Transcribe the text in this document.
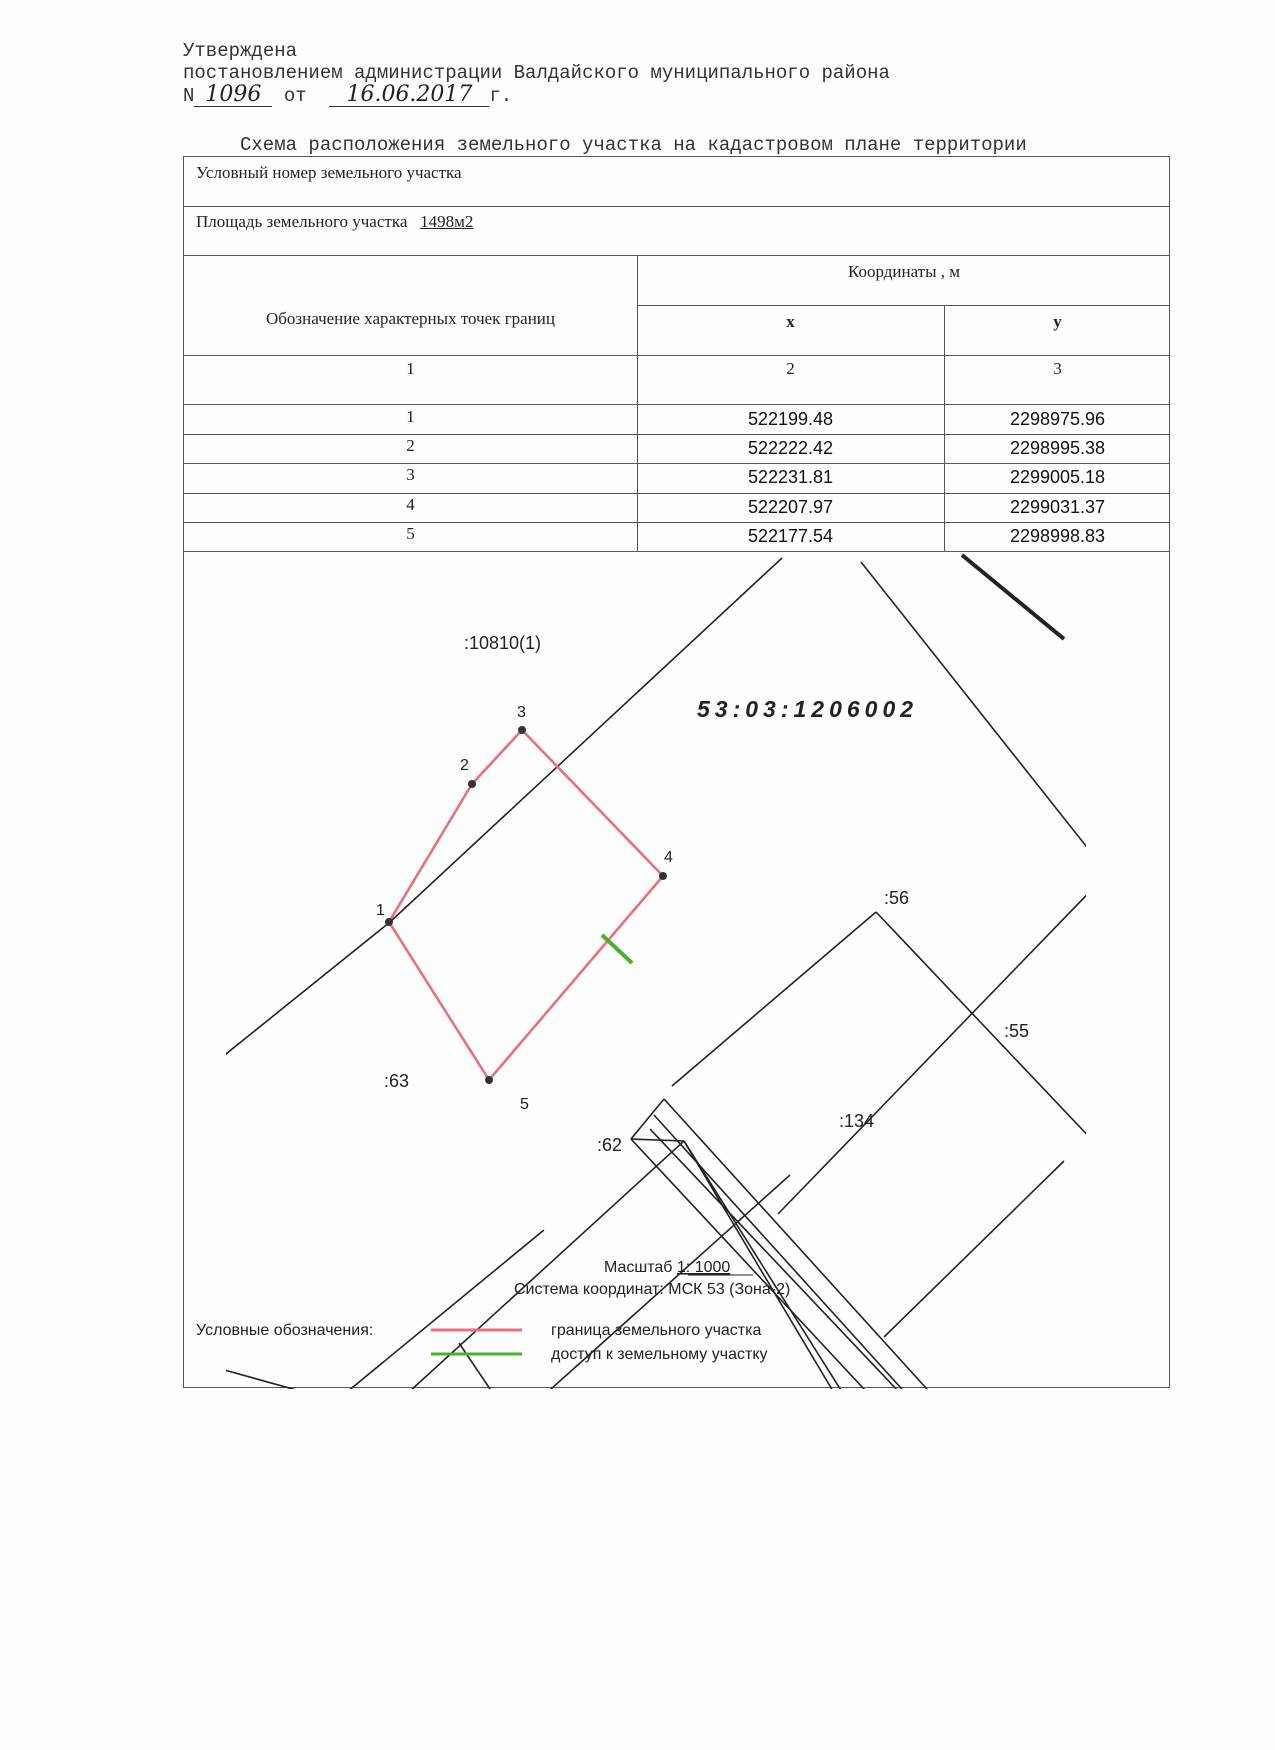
Утверждена
постановлением администрации Валдайского муниципального района
N 1096 от 16.06.2017 г.
Схема расположения земельного участка на кадастровом плане территории
Условный номер земельного участка
Площадь земельного участка 1498м2
Обозначение характерных точек границ
Координаты , м
x	y
1	2	3
1	522199.48	2298975.96
2	522222.42	2298995.38
3	522231.81	2299005.18
4	522207.97	2299031.37
5	522177.54	2298998.83
1
3
5
2
4
:10810(1)
:63
:62
:56
:55
:134
53:03:1206002
Масштаб 1: 1000
Система координат: МСК 53 (Зона-2)
Условные обозначения:	граница земельного участка
доступ к земельному участку
